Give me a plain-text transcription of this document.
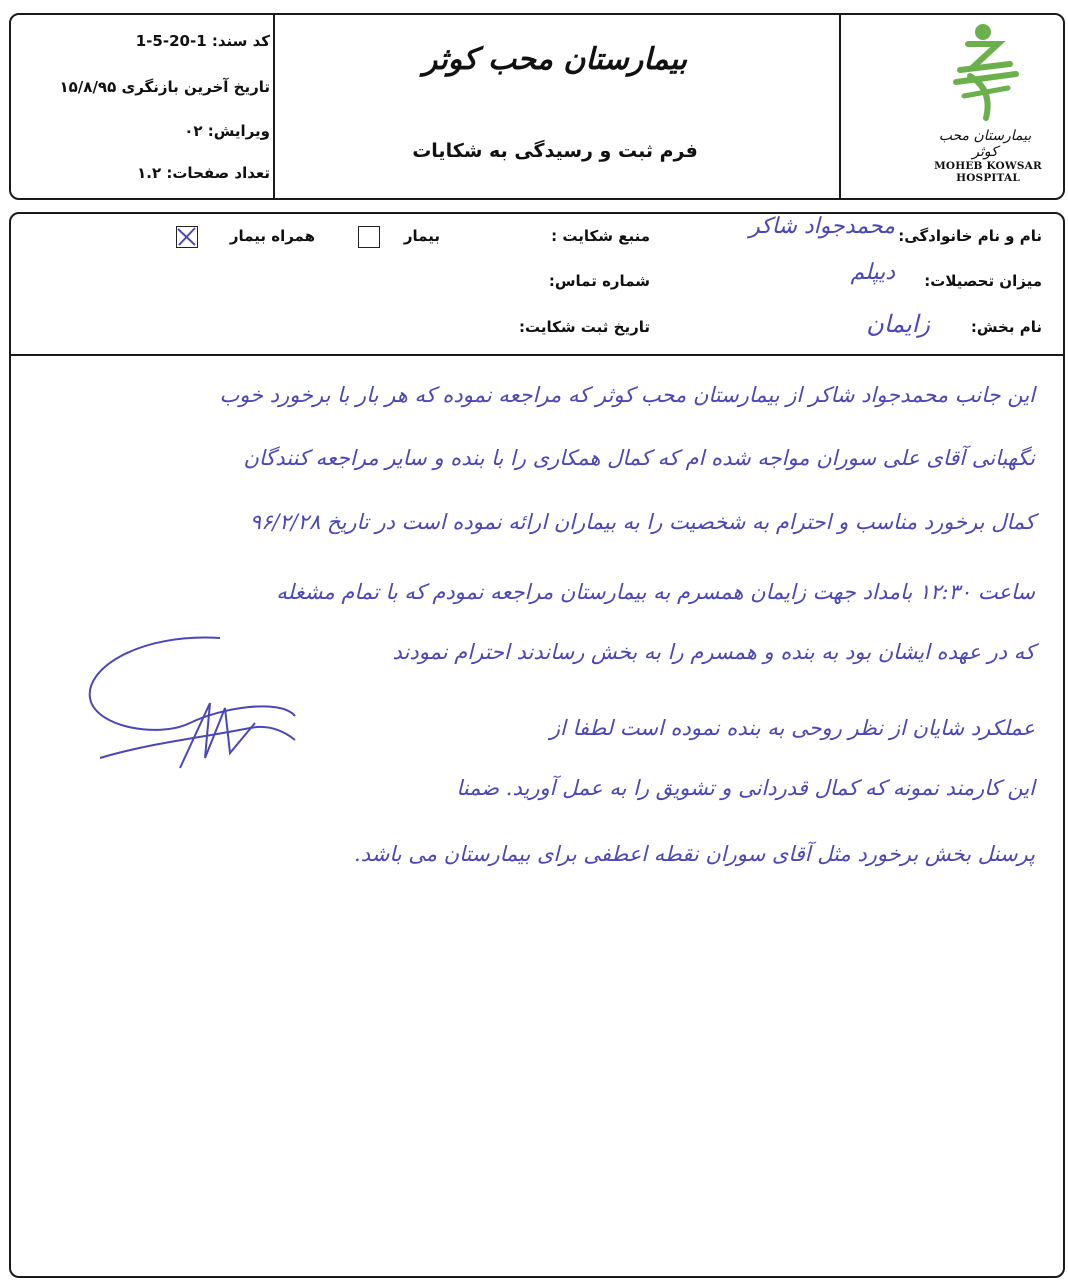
کد سند: 1-20-5-1
تاریخ آخرین بازنگری ۱۵/۸/۹۵
ویرایش: ۰۲
تعداد صفحات: ۱.۲
بیمارستان محب کوثر
فرم ثبت و رسیدگی به شکایات
بیمارستان محب کوثر
MOHEB KOWSAR HOSPITAL
نام و نام خانوادگی:
محمدجواد شاکر
میزان تحصیلات:
دیپلم
نام بخش:
زایمان
منبع شکایت :
شماره تماس:
تاریخ ثبت شکایت:
بیمار
همراه بیمار
این جانب محمدجواد شاکر از بیمارستان محب کوثر که مراجعه نموده که هر بار با برخورد خوب
نگهبانی آقای علی سوران مواجه شده ام که کمال همکاری را با بنده و سایر مراجعه کنندگان
کمال برخورد مناسب و احترام به شخصیت را به بیماران ارائه نموده است در تاریخ ۹۶/۲/۲۸
ساعت ۱۲:۳۰ بامداد جهت زایمان همسرم به بیمارستان مراجعه نمودم که با تمام مشغله
که در عهده ایشان بود به بنده و همسرم را به بخش رساندند احترام نمودند
عملکرد شایان از نظر روحی به بنده نموده است لطفا از
این کارمند نمونه که کمال قدردانی و تشویق را به عمل آورید. ضمنا
پرسنل بخش برخورد مثل آقای سوران نقطه اعطفی برای بیمارستان می باشد.
